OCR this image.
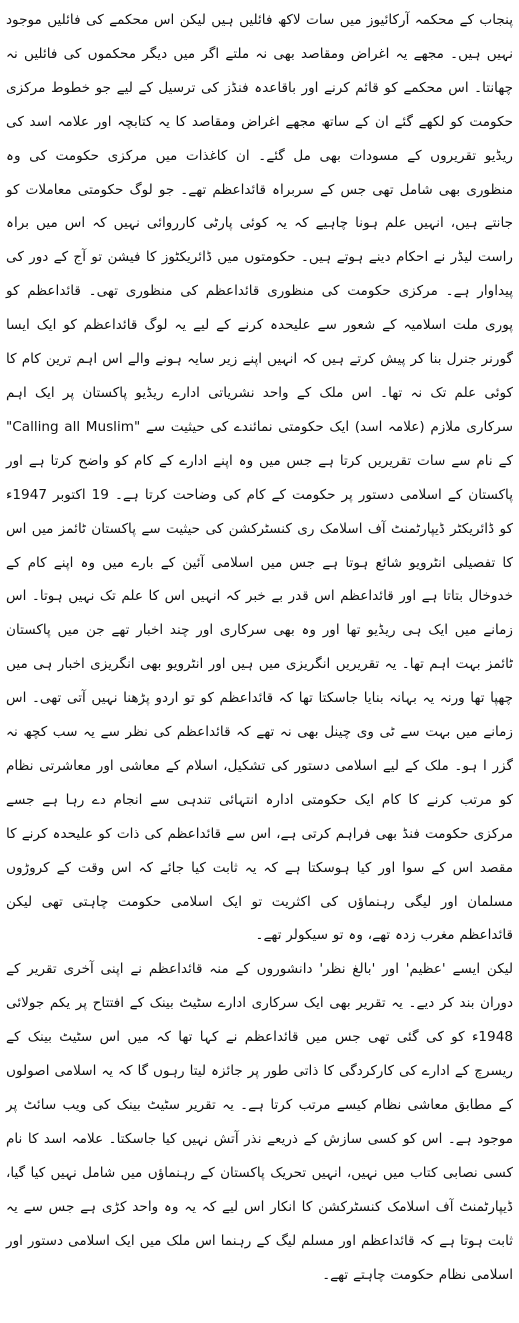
پنجاب کے محکمہ آرکائیوز میں سات لاکھ فائلیں ہیں لیکن اس محکمے کی فائلیں موجود نہیں ہیں۔ مجھے یہ اغراض ومقاصد بھی نہ ملتے اگر میں دیگر محکموں کی فائلیں نہ چھانتا۔ اس محکمے کو قائم کرنے اور باقاعدہ فنڈز کی ترسیل کے لیے جو خطوط مرکزی حکومت کو لکھے گئے ان کے ساتھ مجھے اغراض ومقاصد کا یہ کتابچہ اور علامہ اسد کی ریڈیو تقریروں کے مسودات بھی مل گئے۔ ان کاغذات میں مرکزی حکومت کی وہ منظوری بھی شامل تھی جس کے سربراہ قائداعظم تھے۔ جو لوگ حکومتی معاملات کو جانتے ہیں، انہیں علم ہونا چاہیے کہ یہ کوئی پارٹی کارروائی نہیں کہ اس میں براہ راست لیڈر نے احکام دینے ہوتے ہیں۔ حکومتوں میں ڈائریکٹوز کا فیشن تو آج کے دور کی پیداوار ہے۔ مرکزی حکومت کی منظوری قائداعظم کی منظوری تھی۔ قائداعظم کو پوری ملت اسلامیہ کے شعور سے علیحدہ کرنے کے لیے یہ لوگ قائداعظم کو ایک ایسا گورنر جنرل بنا کر پیش کرتے ہیں کہ انہیں اپنے زیر سایہ ہونے والے اس اہم ترین کام کا کوئی علم تک نہ تھا۔ اس ملک کے واحد نشریاتی ادارے ریڈیو پاکستان پر ایک اہم سرکاری ملازم (علامہ اسد) ایک حکومتی نمائندے کی حیثیت سے "Calling all Muslim" کے نام سے سات تقریریں کرتا ہے جس میں وہ اپنے ادارے کے کام کو واضح کرتا ہے اور پاکستان کے اسلامی دستور پر حکومت کے کام کی وضاحت کرتا ہے۔ 19 اکتوبر 1947ء کو ڈائریکٹر ڈیپارٹمنٹ آف اسلامک ری کنسٹرکشن کی حیثیت سے پاکستان ٹائمز میں اس کا تفصیلی انٹرویو شائع ہوتا ہے جس میں اسلامی آئین کے بارے میں وہ اپنے کام کے خدوخال بتاتا ہے اور قائداعظم اس قدر بے خبر کہ انہیں اس کا علم تک نہیں ہوتا۔ اس زمانے میں ایک ہی ریڈیو تھا اور وہ بھی سرکاری اور چند اخبار تھے جن میں پاکستان ٹائمز بہت اہم تھا۔ یہ تقریریں انگریزی میں ہیں اور انٹرویو بھی انگریزی اخبار ہی میں چھپا تھا ورنہ یہ بہانہ بنایا جاسکتا تھا کہ قائداعظم کو تو اردو پڑھنا نہیں آتی تھی۔ اس زمانے میں بہت سے ٹی وی چینل بھی نہ تھے کہ قائداعظم کی نظر سے یہ سب کچھ نہ گزر ا ہو۔ ملک کے لیے اسلامی دستور کی تشکیل، اسلام کے معاشی اور معاشرتی نظام کو مرتب کرنے کا کام ایک حکومتی ادارہ انتہائی تندہی سے انجام دے رہا ہے جسے مرکزی حکومت فنڈ بھی فراہم کرتی ہے، اس سے قائداعظم کی ذات کو علیحدہ کرنے کا مقصد اس کے سوا اور کیا ہوسکتا ہے کہ یہ ثابت کیا جائے کہ اس وقت کے کروڑوں مسلمان اور لیگی رہنماؤں کی اکثریت تو ایک اسلامی حکومت چاہتی تھی لیکن قائداعظم مغرب زدہ تھے، وہ تو سیکولر تھے۔

لیکن ایسے 'عظیم' اور 'بالغ نظر' دانشوروں کے منہ قائداعظم نے اپنی آخری تقریر کے دوران بند کر دیے۔ یہ تقریر بھی ایک سرکاری ادارے سٹیٹ بینک کے افتتاح پر یکم جولائی 1948ء کو کی گئی تھی جس میں قائداعظم نے کہا تھا کہ میں اس سٹیٹ بینک کے ریسرچ کے ادارے کی کارکردگی کا ذاتی طور پر جائزہ لیتا رہوں گا کہ یہ اسلامی اصولوں کے مطابق معاشی نظام کیسے مرتب کرتا ہے۔ یہ تقریر سٹیٹ بینک کی ویب سائٹ پر موجود ہے۔ اس کو کسی سازش کے ذریعے نذر آتش نہیں کیا جاسکتا۔ علامہ اسد کا نام کسی نصابی کتاب میں نہیں، انہیں تحریک پاکستان کے رہنماؤں میں شامل نہیں کیا گیا، ڈیپارٹمنٹ آف اسلامک کنسٹرکشن کا انکار اس لیے کہ یہ وہ واحد کڑی ہے جس سے یہ ثابت ہوتا ہے کہ قائداعظم اور مسلم لیگ کے رہنما اس ملک میں ایک اسلامی دستور اور اسلامی نظام حکومت چاہتے تھے۔
